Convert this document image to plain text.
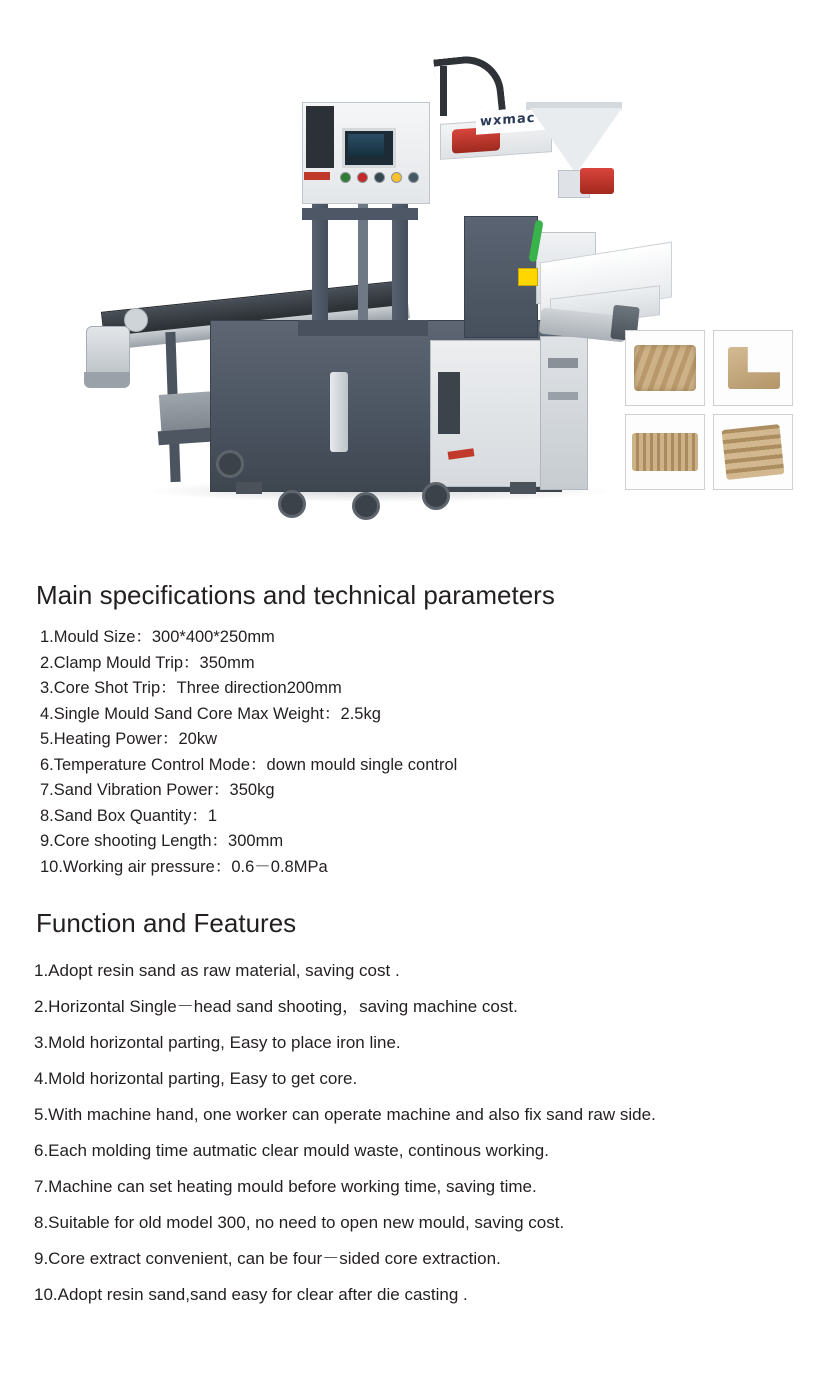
wxmac
Main specifications and technical parameters
1.Mould Size：300*400*250mm
2.Clamp Mould Trip：350mm
3.Core Shot Trip：Three direction200mm
4.Single Mould Sand Core Max Weight：2.5kg
5.Heating Power：20kw
6.Temperature Control Mode：down mould single control
7.Sand Vibration Power：350kg
8.Sand Box Quantity：1
9.Core shooting Length：300mm
10.Working air pressure：0.6－0.8MPa
Function and Features
1.Adopt resin sand as raw material, saving cost .
2.Horizontal Single－head sand shooting，saving machine cost.
3.Mold horizontal parting, Easy to place iron line.
4.Mold horizontal parting, Easy to get core.
5.With machine hand, one worker can operate machine and also fix sand raw side.
6.Each molding time autmatic clear mould waste, continous working.
7.Machine can set heating mould before working time, saving time.
8.Suitable for old model 300, no need to open new mould, saving cost.
9.Core extract convenient, can be four－sided core extraction.
10.Adopt resin sand,sand easy for clear after die casting .
